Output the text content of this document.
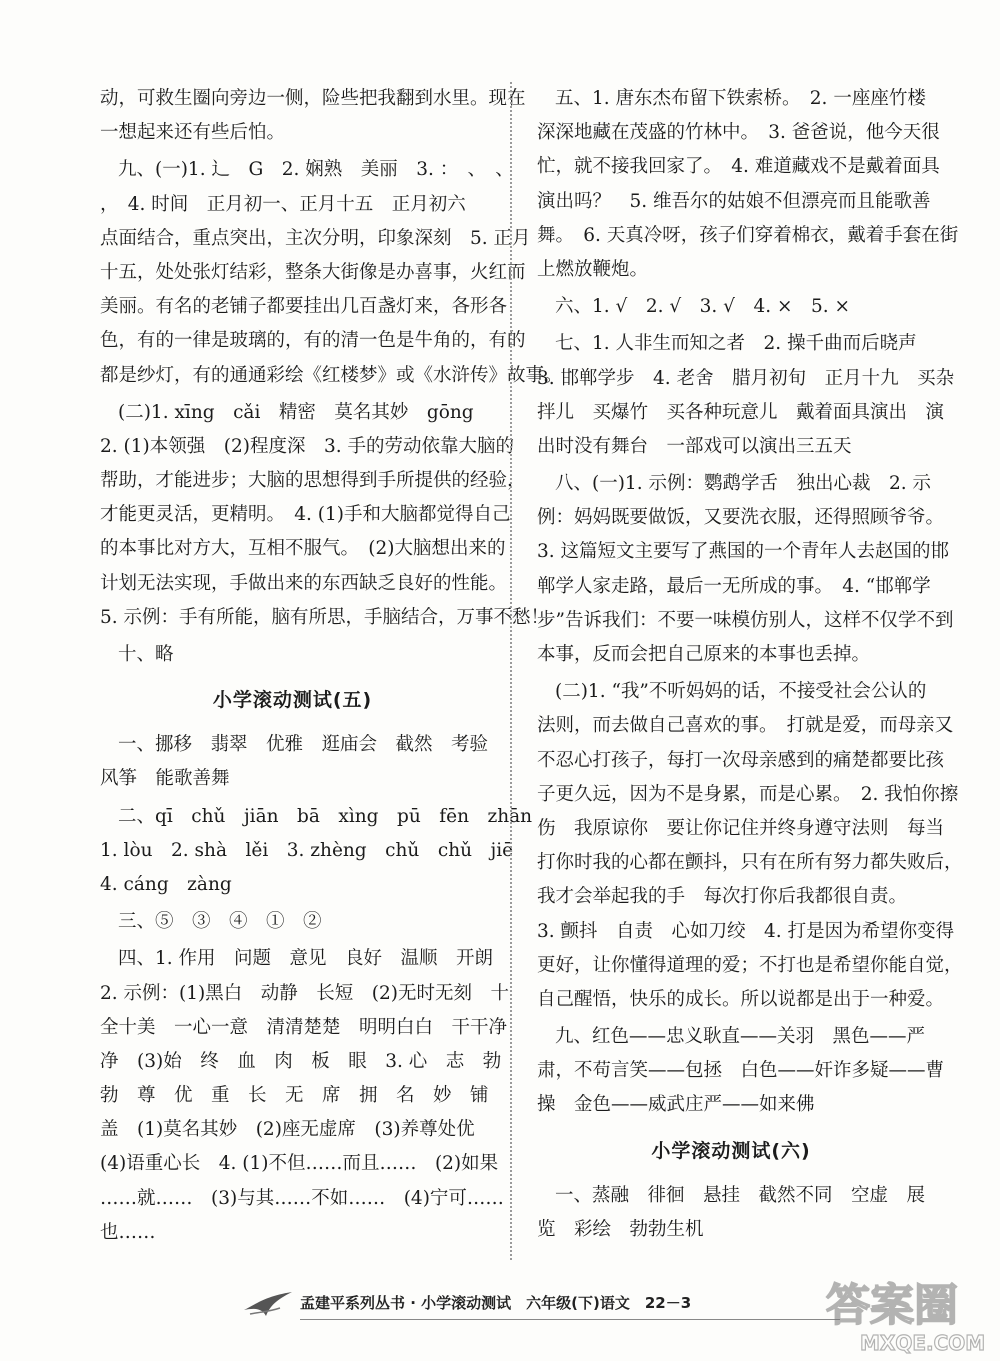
动，可救生圈向旁边一侧，险些把我翻到水里。现在
一想起来还有些后怕。
九、(一)1. 辶　G　2. 娴熟　美丽　3. ：　、　、
，　4. 时间　正月初一、正月十五　正月初六
点面结合，重点突出，主次分明，印象深刻　5. 正月
十五，处处张灯结彩，整条大街像是办喜事，火红而
美丽。有名的老铺子都要挂出几百盏灯来，各形各
色，有的一律是玻璃的，有的清一色是牛角的，有的
都是纱灯，有的通通彩绘《红楼梦》或《水浒传》故事。
(二)1. xīng　cǎi　精密　莫名其妙　gōng
2. (1)本领强　(2)程度深　3. 手的劳动依靠大脑的
帮助，才能进步；大脑的思想得到手所提供的经验，
才能更灵活，更精明。　4. (1)手和大脑都觉得自己
的本事比对方大，互相不服气。　(2)大脑想出来的
计划无法实现，手做出来的东西缺乏良好的性能。
5. 示例：手有所能，脑有所思，手脑结合，万事不愁！
十、略
小学滚动测试(五)
一、挪移　翡翠　优雅　逛庙会　截然　考验
风筝　能歌善舞
二、qī　chǔ　jiān　bā　xìng　pū　fēn　zhān
1. lòu　2. shà　lěi　3. zhèng　chǔ　chǔ　jiē
4. cáng　zàng
三、⑤　③　④　①　②
四、1. 作用　问题　意见　良好　温顺　开朗
2. 示例：(1)黑白　动静　长短　(2)无时无刻　十
全十美　一心一意　清清楚楚　明明白白　干干净
净　(3)始　终　血　肉　板　眼　3. 心　志　勃
勃　尊　优　重　长　无　席　拥　名　妙　铺
盖　(1)莫名其妙　(2)座无虚席　(3)养尊处优
(4)语重心长　4. (1)不但……而且……　(2)如果
……就……　(3)与其……不如……　(4)宁可……
也……
五、1. 唐东杰布留下铁索桥。　2. 一座座竹楼
深深地藏在茂盛的竹林中。　3. 爸爸说，他今天很
忙，就不接我回家了。　4. 难道藏戏不是戴着面具
演出吗？　5. 维吾尔的姑娘不但漂亮而且能歌善
舞。　6. 天真冷呀，孩子们穿着棉衣，戴着手套在街
上燃放鞭炮。
六、1. √　2. √　3. √　4. ×　5. ×
七、1. 人非生而知之者　2. 操千曲而后晓声
3. 邯郸学步　4. 老舍　腊月初旬　正月十九　买杂
拌儿　买爆竹　买各种玩意儿　戴着面具演出　演
出时没有舞台　一部戏可以演出三五天
八、(一)1. 示例：鹦鹉学舌　独出心裁　2. 示
例：妈妈既要做饭，又要洗衣服，还得照顾爷爷。
3. 这篇短文主要写了燕国的一个青年人去赵国的邯
郸学人家走路，最后一无所成的事。　4. “邯郸学
步”告诉我们：不要一味模仿别人，这样不仅学不到
本事，反而会把自己原来的本事也丢掉。
(二)1. “我”不听妈妈的话，不接受社会公认的
法则，而去做自己喜欢的事。　打就是爱，而母亲又
不忍心打孩子，每打一次母亲感到的痛楚都要比孩
子更久远，因为不是身累，而是心累。　2. 我怕你擦
伤　我原谅你　要让你记住并终身遵守法则　每当
打你时我的心都在颤抖，只有在所有努力都失败后，
我才会举起我的手　每次打你后我都很自责。
3. 颤抖　自责　心如刀绞　4. 打是因为希望你变得
更好，让你懂得道理的爱；不打也是希望你能自觉，
自己醒悟，快乐的成长。所以说都是出于一种爱。
九、红色——忠义耿直——关羽　黑色——严
肃，不苟言笑——包拯　白色——奸诈多疑——曹
操　金色——威武庄严——如来佛
小学滚动测试(六)
一、蒸融　徘徊　悬挂　截然不同　空虚　展
览　彩绘　勃勃生机
孟建平系列丛书 · 小学滚动测试　六年级(下)语文　22－3	答案圈
MXQE.COM
